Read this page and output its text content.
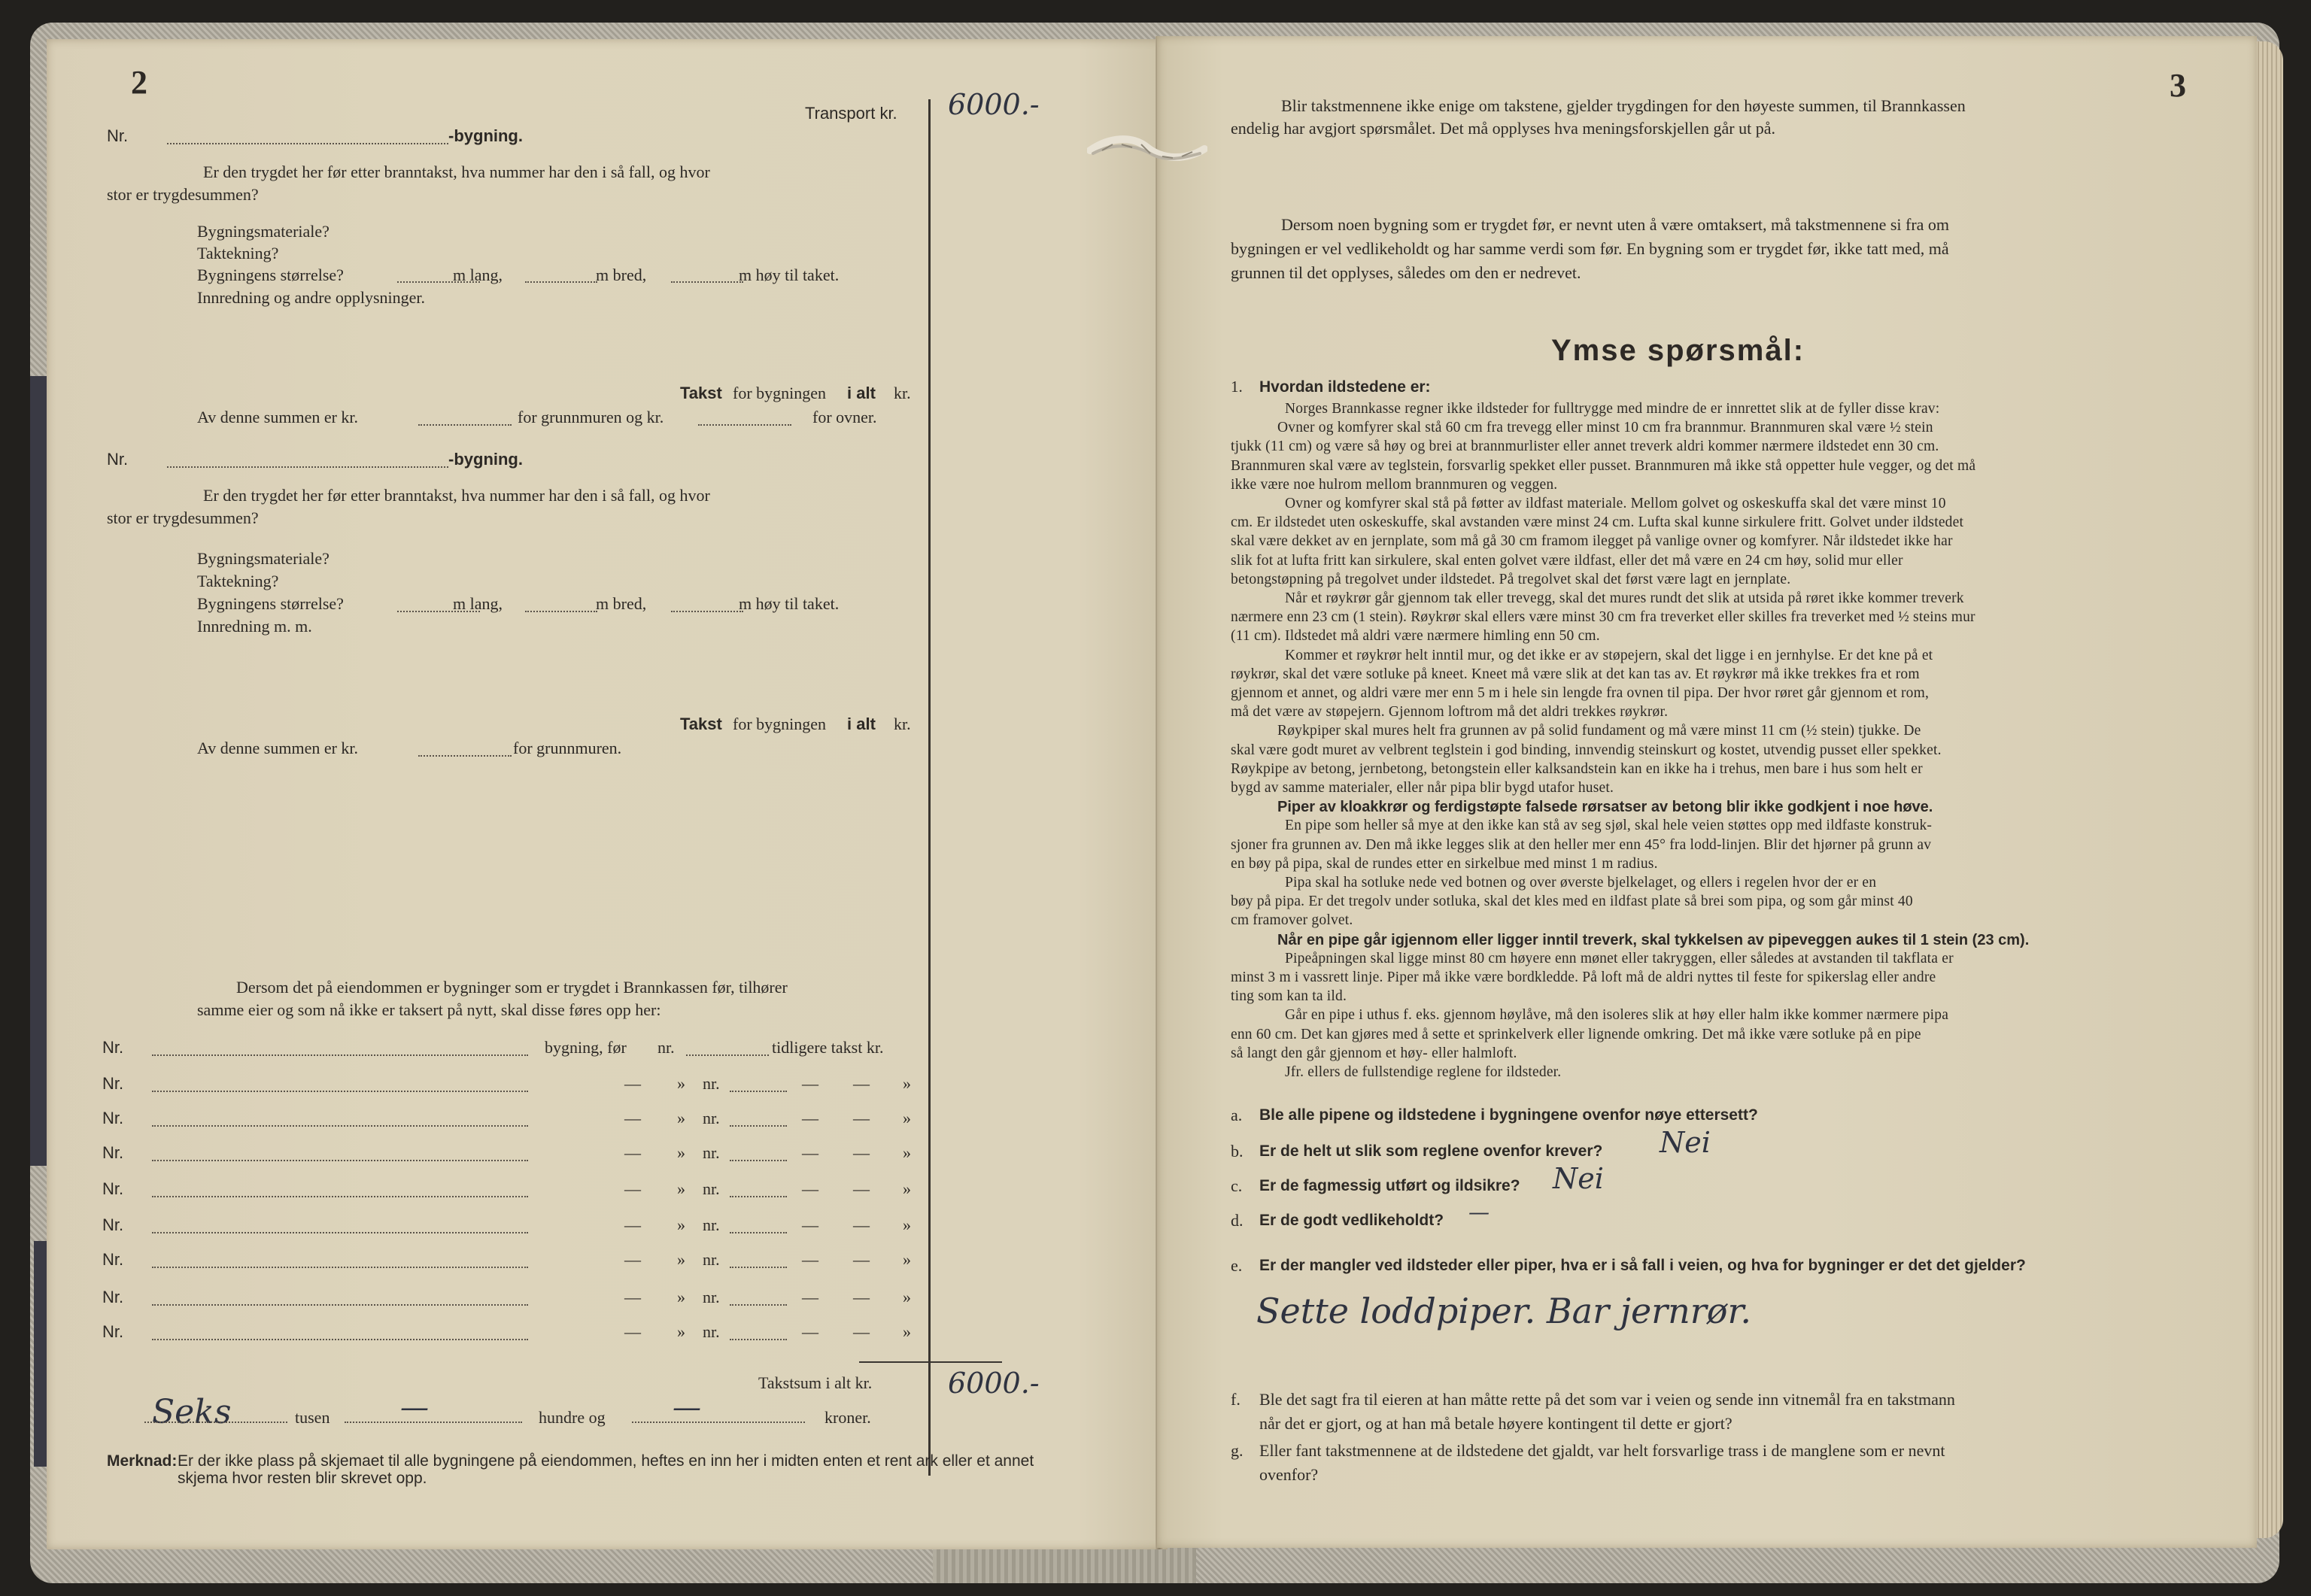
2
Transport kr. 6000.-
Nr.	-bygning.
Er den trygdet her før etter branntakst, hva nummer har den i så fall, og hvor
stor er trygdesummen?
Bygningsmateriale?
Taktekning?
Bygningens størrelse?	m lang,	m bred,	m høy til taket.
Innredning og andre opplysninger.
Takst for bygningen i alt kr.
Av denne summen er kr.	for grunnmuren og kr.	for ovner.
Nr.	-bygning.
Er den trygdet her før etter branntakst, hva nummer har den i så fall, og hvor
stor er trygdesummen?
Bygningsmateriale?
Taktekning?
Bygningens størrelse?	m lang,	m bred,	m høy til taket.
Innredning m. m.
Takst for bygningen i alt kr.
Av denne summen er kr.	for grunnmuren.
Dersom det på eiendommen er bygninger som er trygdet i Brannkassen før, tilhører
samme eier og som nå ikke er taksert på nytt, skal disse føres opp her:
Nr.	bygning, før nr.	tidligere takst kr.
Nr.	— » nr.	— — »
Nr.	— » nr.	— — »
Nr.	— » nr.	— — »
Nr.	— » nr.	— — »
Nr.	— » nr.	— — »
Nr.	— » nr.	— — »
Nr.	— » nr.	— — »
Nr.	— » nr.	— — »
Takstsum i alt kr.	6000.-
Seks	tusen —	hundre og —	kroner.
Merknad: Er der ikke plass på skjemaet til alle bygningene på eiendommen, heftes en inn her i midten enten et rent ark eller et annet
skjema hvor resten blir skrevet opp.
3
Blir takstmennene ikke enige om takstene, gjelder trygdingen for den høyeste summen, til Brannkassen
endelig har avgjort spørsmålet. Det må opplyses hva meningsforskjellen går ut på.
Dersom noen bygning som er trygdet før, er nevnt uten å være omtaksert, må takstmennene si fra om
bygningen er vel vedlikeholdt og har samme verdi som før. En bygning som er trygdet før, ikke tatt med, må
grunnen til det opplyses, således om den er nedrevet.
Ymse spørsmål:
1. Hvordan ildstedene er:
Norges Brannkasse regner ikke ildsteder for fulltrygge med mindre de er innrettet slik at de fyller disse krav:
Ovner og komfyrer skal stå 60 cm fra trevegg eller minst 10 cm fra brannmur. Brannmuren skal være ½ stein
tjukk (11 cm) og være så høy og brei at brannmurlister eller annet treverk aldri kommer nærmere ildstedet enn 30 cm.
Brannmuren skal være av teglstein, forsvarlig spekket eller pusset. Brannmuren må ikke stå oppetter hule vegger, og det må
ikke være noe hulrom mellom brannmuren og veggen.
Ovner og komfyrer skal stå på føtter av ildfast materiale. Mellom golvet og oskeskuffa skal det være minst 10
cm. Er ildstedet uten oskeskuffe, skal avstanden være minst 24 cm. Lufta skal kunne sirkulere fritt. Golvet under ildstedet
skal være dekket av en jernplate, som må gå 30 cm framom ilegget på vanlige ovner og komfyrer. Når ildstedet ikke har
slik fot at lufta fritt kan sirkulere, skal enten golvet være ildfast, eller det må være en 24 cm høy, solid mur eller
betongstøpning på tregolvet under ildstedet. På tregolvet skal det først være lagt en jernplate.
Når et røykrør går gjennom tak eller trevegg, skal det mures rundt det slik at utsida på røret ikke kommer treverk
nærmere enn 23 cm (1 stein). Røykrør skal ellers være minst 30 cm fra treverket eller skilles fra treverket med ½ steins mur
(11 cm). Ildstedet må aldri være nærmere himling enn 50 cm.
Kommer et røykrør helt inntil mur, og det ikke er av støpejern, skal det ligge i en jernhylse. Er det kne på et
røykrør, skal det være sotluke på kneet. Kneet må være slik at det kan tas av. Et røykrør må ikke trekkes fra et rom
gjennom et annet, og aldri være mer enn 5 m i hele sin lengde fra ovnen til pipa. Der hvor røret går gjennom et rom,
må det være av støpejern. Gjennom loftrom må det aldri trekkes røykrør.
Røykpiper skal mures helt fra grunnen av på solid fundament og må være minst 11 cm (½ stein) tjukke. De
skal være godt muret av velbrent teglstein i god binding, innvendig steinskurt og kostet, utvendig pusset eller spekket.
Røykpipe av betong, jernbetong, betongstein eller kalksandstein kan en ikke ha i trehus, men bare i hus som helt er
bygd av samme materialer, eller når pipa blir bygd utafor huset.
Piper av kloakkrør og ferdigstøpte falsede rørsatser av betong blir ikke godkjent i noe høve.
En pipe som heller så mye at den ikke kan stå av seg sjøl, skal hele veien støttes opp med ildfaste konstruk-
sjoner fra grunnen av. Den må ikke legges slik at den heller mer enn 45° fra lodd-linjen. Blir det hjørner på grunn av
en bøy på pipa, skal de rundes etter en sirkelbue med minst 1 m radius.
Pipa skal ha sotluke nede ved botnen og over øverste bjelkelaget, og ellers i regelen hvor der er en
bøy på pipa. Er det tregolv under sotluka, skal det kles med en ildfast plate så brei som pipa, og som går minst 40
cm framover golvet.
Når en pipe går igjennom eller ligger inntil treverk, skal tykkelsen av pipeveggen aukes til 1 stein (23 cm).
Pipeåpningen skal ligge minst 80 cm høyere enn mønet eller takryggen, eller således at avstanden til takflata er
minst 3 m i vassrett linje. Piper må ikke være bordkledde. På loft må de aldri nyttes til feste for spikerslag eller andre
ting som kan ta ild.
Går en pipe i uthus f. eks. gjennom høylåve, må den isoleres slik at høy eller halm ikke kommer nærmere pipa
enn 60 cm. Det kan gjøres med å sette et sprinkelverk eller lignende omkring. Det må ikke være sotluke på en pipe
så langt den går gjennom et høy- eller halmloft.
Jfr. ellers de fullstendige reglene for ildsteder.
a. Ble alle pipene og ildstedene i bygningene ovenfor nøye ettersett?
b. Er de helt ut slik som reglene ovenfor krever? Nei
c. Er de fagmessig utført og ildsikre? Nei
d. Er de godt vedlikeholdt? —
e. Er der mangler ved ildsteder eller piper, hva er i så fall i veien, og hva for bygninger er det det gjelder?
Sette loddpiper. Bar jernrør.
f. Ble det sagt fra til eieren at han måtte rette på det som var i veien og sende inn vitnemål fra en takstmann
når det er gjort, og at han må betale høyere kontingent til dette er gjort?
g. Eller fant takstmennene at de ildstedene det gjaldt, var helt forsvarlige trass i de manglene som er nevnt
ovenfor?
